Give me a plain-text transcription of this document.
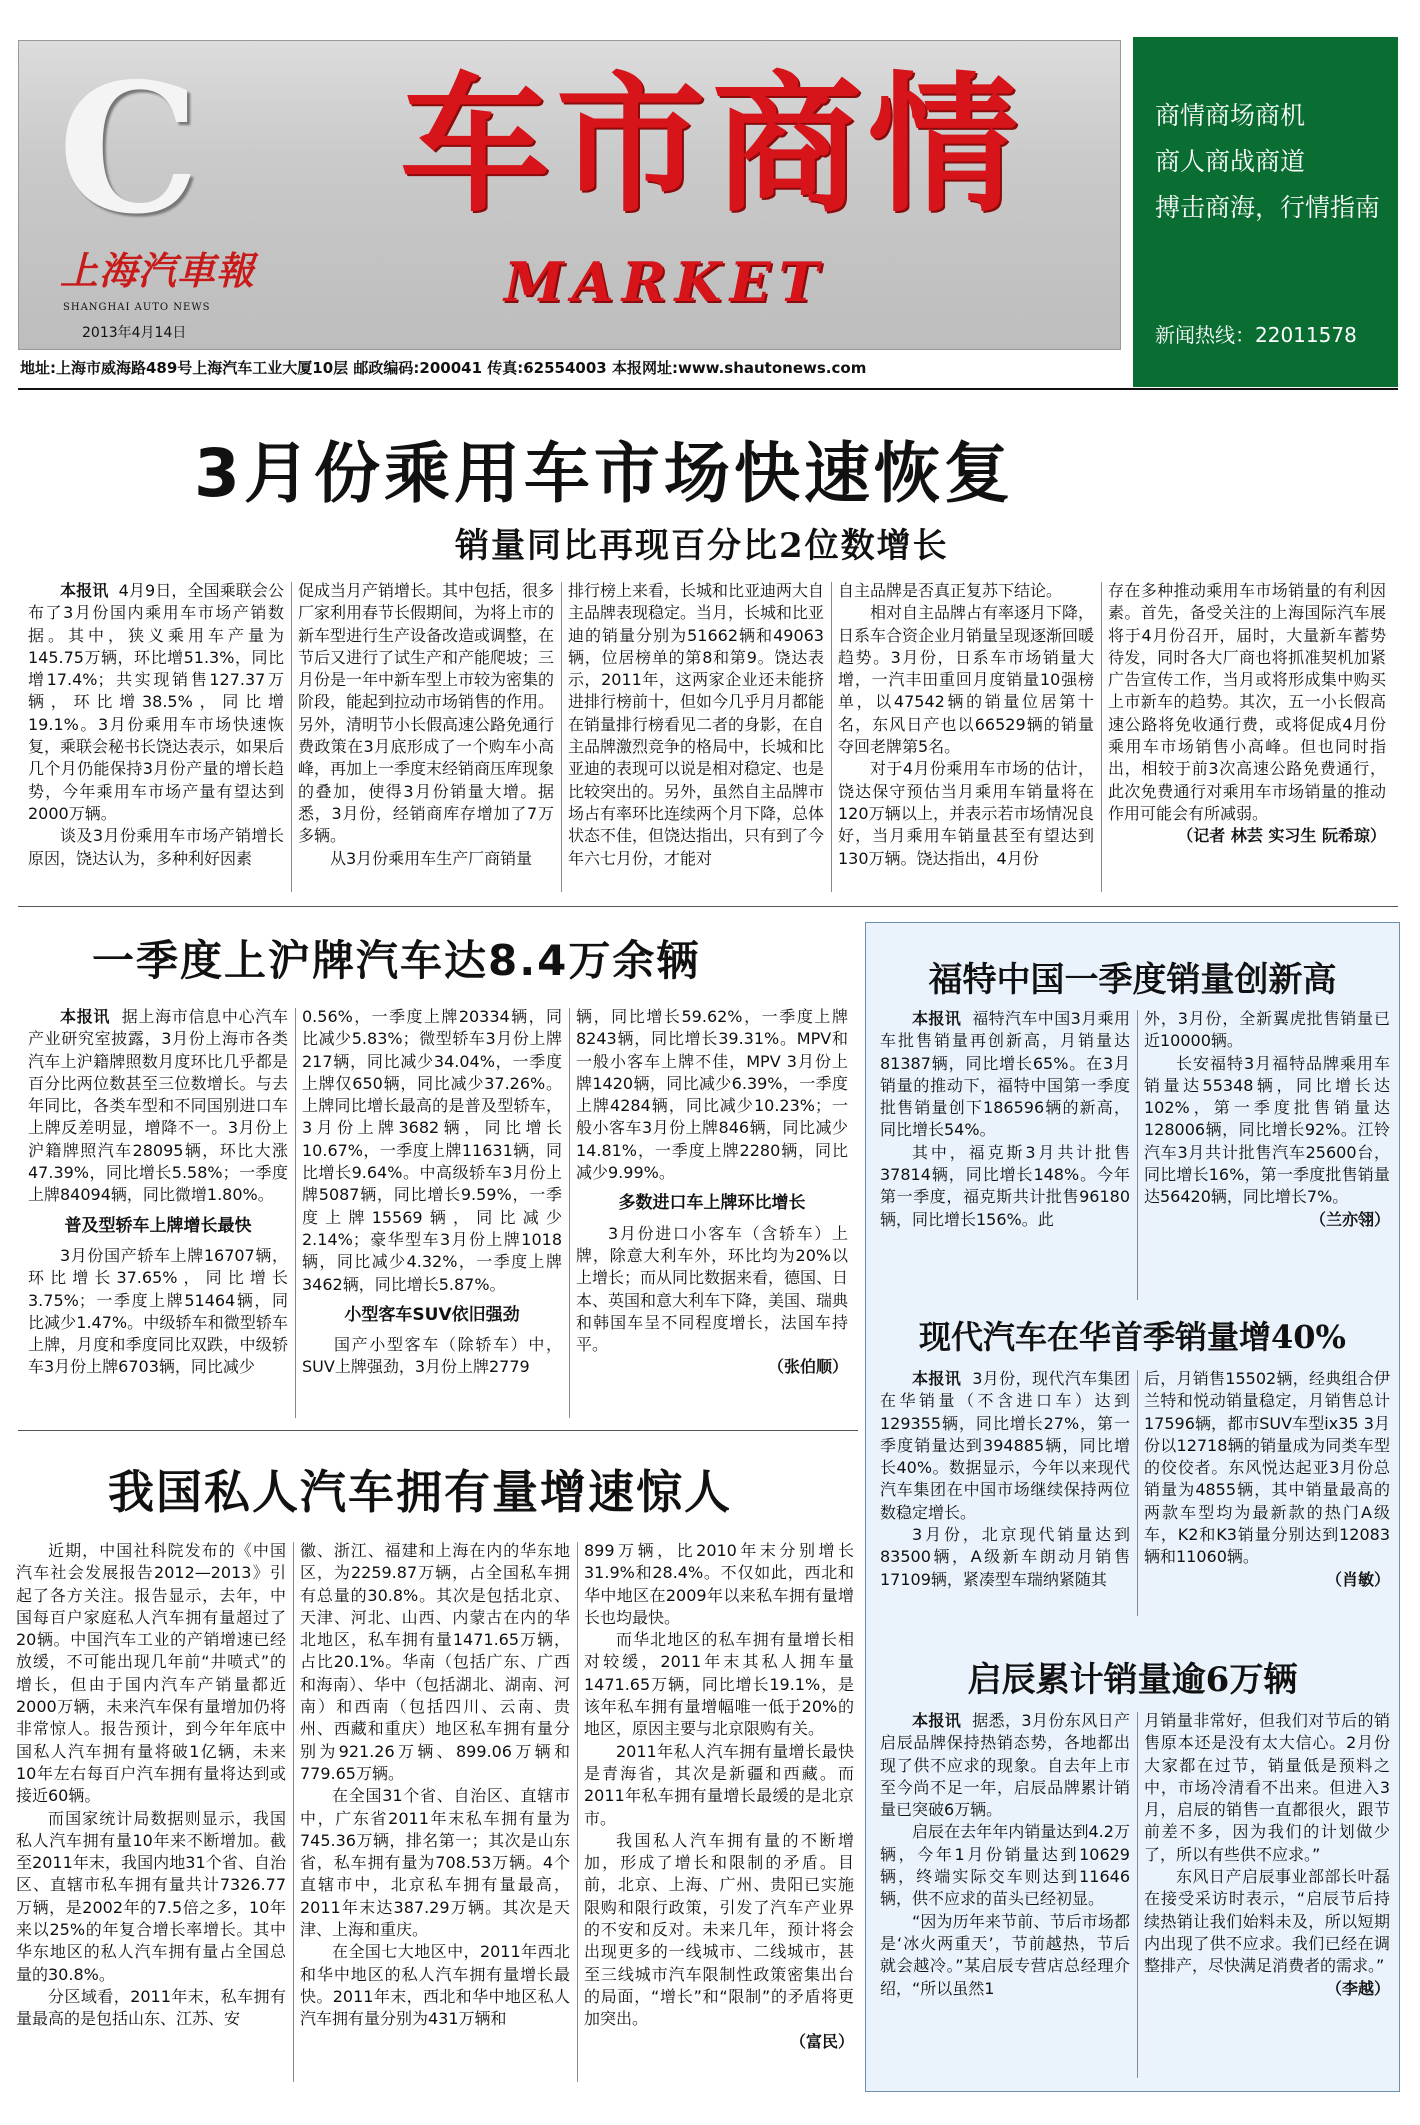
C
上海汽車報
SHANGHAI AUTO NEWS
2013年4月14日
车市商情
MARKET
地址:上海市威海路489号上海汽车工业大厦10层 邮政编码:200041 传真:62554003 本报网址:www.shautonews.com
商情商场商机
商人商战商道
搏击商海，行情指南
新闻热线：22011578
3月份乘用车市场快速恢复
销量同比再现百分比2位数增长

本报讯 4月9日，全国乘联会公布了3月份国内乘用车市场产销数据。其中，狭义乘用车产量为145.75万辆，环比增51.3%，同比增17.4%；共实现销售127.37万辆，环比增38.5%，同比增19.1%。3月份乘用车市场快速恢复，乘联会秘书长饶达表示，如果后几个月仍能保持3月份产量的增长趋势，今年乘用车市场产量有望达到2000万辆。

谈及3月份乘用车市场产销增长原因，饶达认为，多种利好因素

促成当月产销增长。其中包括，很多厂家利用春节长假期间，为将上市的新车型进行生产设备改造或调整，在节后又进行了试生产和产能爬坡；三月份是一年中新车型上市较为密集的阶段，能起到拉动市场销售的作用。另外，清明节小长假高速公路免通行费政策在3月底形成了一个购车小高峰，再加上一季度末经销商压库现象的叠加，使得3月份销量大增。据悉，3月份，经销商库存增加了7万多辆。

从3月份乘用车生产厂商销量

排行榜上来看，长城和比亚迪两大自主品牌表现稳定。当月，长城和比亚迪的销量分别为51662辆和49063辆，位居榜单的第8和第9。饶达表示，2011年，这两家企业还未能挤进排行榜前十，但如今几乎月月都能在销量排行榜看见二者的身影，在自主品牌激烈竞争的格局中，长城和比亚迪的表现可以说是相对稳定、也是比较突出的。另外，虽然自主品牌市场占有率环比连续两个月下降，总体状态不佳，但饶达指出，只有到了今年六七月份，才能对

自主品牌是否真正复苏下结论。

相对自主品牌占有率逐月下降，日系车合资企业月销量呈现逐渐回暖趋势。3月份，日系车市场销量大增，一汽丰田重回月度销量10强榜单，以47542辆的销量位居第十名，东风日产也以66529辆的销量夺回老牌第5名。

对于4月份乘用车市场的估计，饶达保守预估当月乘用车销量将在120万辆以上，并表示若市场情况良好，当月乘用车销量甚至有望达到130万辆。饶达指出，4月份

存在多种推动乘用车市场销量的有利因素。首先，备受关注的上海国际汽车展将于4月份召开，届时，大量新车蓄势待发，同时各大厂商也将抓准契机加紧广告宣传工作，当月或将形成集中购买上市新车的趋势。其次，五一小长假高速公路将免收通行费，或将促成4月份乘用车市场销售小高峰。但也同时指出，相较于前3次高速公路免费通行，此次免费通行对乘用车市场销量的推动作用可能会有所减弱。

（记者 林芸 实习生 阮希琼）

一季度上沪牌汽车达8.4万余辆

本报讯 据上海市信息中心汽车产业研究室披露，3月份上海市各类汽车上沪籍牌照数月度环比几乎都是百分比两位数甚至三位数增长。与去年同比，各类车型和不同国别进口车上牌反差明显，增降不一。3月份上沪籍牌照汽车28095辆，环比大涨47.39%，同比增长5.58%；一季度上牌84094辆，同比微增1.80%。

普及型轿车上牌增长最快

3月份国产轿车上牌16707辆，环比增长37.65%，同比增长3.75%；一季度上牌51464辆，同比减少1.47%。中级轿车和微型轿车上牌，月度和季度同比双跌，中级轿车3月份上牌6703辆，同比减少

0.56%，一季度上牌20334辆，同比减少5.83%；微型轿车3月份上牌217辆，同比减少34.04%，一季度上牌仅650辆，同比减少37.26%。上牌同比增长最高的是普及型轿车，3月份上牌3682辆，同比增长10.67%，一季度上牌11631辆，同比增长9.64%。中高级轿车3月份上牌5087辆，同比增长9.59%，一季度上牌15569辆，同比减少2.14%；豪华型车3月份上牌1018辆，同比减少4.32%，一季度上牌3462辆，同比增长5.87%。

小型客车SUV依旧强劲

国产小型客车（除轿车）中，SUV上牌强劲，3月份上牌2779

辆，同比增长59.62%，一季度上牌8243辆，同比增长39.31%。MPV和一般小客车上牌不佳，MPV 3月份上牌1420辆，同比减少6.39%，一季度上牌4284辆，同比减少10.23%；一般小客车3月份上牌846辆，同比减少14.81%，一季度上牌2280辆，同比减少9.99%。

多数进口车上牌环比增长

3月份进口小客车（含轿车）上牌，除意大利车外，环比均为20%以上增长；而从同比数据来看，德国、日本、英国和意大利车下降，美国、瑞典和韩国车呈不同程度增长，法国车持平。

（张伯顺）

我国私人汽车拥有量增速惊人

近期，中国社科院发布的《中国汽车社会发展报告2012—2013》引起了各方关注。报告显示，去年，中国每百户家庭私人汽车拥有量超过了20辆。中国汽车工业的产销增速已经放缓，不可能出现几年前“井喷式”的增长，但由于国内汽车产销量都近2000万辆，未来汽车保有量增加仍将非常惊人。报告预计，到今年年底中国私人汽车拥有量将破1亿辆，未来10年左右每百户汽车拥有量将达到或接近60辆。

而国家统计局数据则显示，我国私人汽车拥有量10年来不断增加。截至2011年末，我国内地31个省、自治区、直辖市私车拥有量共计7326.77万辆，是2002年的7.5倍之多，10年来以25%的年复合增长率增长。其中华东地区的私人汽车拥有量占全国总量的30.8%。

分区域看，2011年末，私车拥有量最高的是包括山东、江苏、安

徽、浙江、福建和上海在内的华东地区，为2259.87万辆，占全国私车拥有总量的30.8%。其次是包括北京、天津、河北、山西、内蒙古在内的华北地区，私车拥有量1471.65万辆，占比20.1%。华南（包括广东、广西和海南）、华中（包括湖北、湖南、河南）和西南（包括四川、云南、贵州、西藏和重庆）地区私车拥有量分别为921.26万辆、899.06万辆和779.65万辆。

在全国31个省、自治区、直辖市中，广东省2011年末私车拥有量为745.36万辆，排名第一；其次是山东省，私车拥有量为708.53万辆。4个直辖市中，北京私车拥有量最高，2011年末达387.29万辆。其次是天津、上海和重庆。

在全国七大地区中，2011年西北和华中地区的私人汽车拥有量增长最快。2011年末，西北和华中地区私人汽车拥有量分别为431万辆和

899万辆，比2010年末分别增长31.9%和28.4%。不仅如此，西北和华中地区在2009年以来私车拥有量增长也均最快。

而华北地区的私车拥有量增长相对较缓，2011年末其私人拥车量1471.65万辆，同比增长19.1%，是该年私车拥有量增幅唯一低于20%的地区，原因主要与北京限购有关。

2011年私人汽车拥有量增长最快是青海省，其次是新疆和西藏。而2011年私车拥有量增长最缓的是北京市。

我国私人汽车拥有量的不断增加，形成了增长和限制的矛盾。目前，北京、上海、广州、贵阳已实施限购和限行政策，引发了汽车产业界的不安和反对。未来几年，预计将会出现更多的一线城市、二线城市，甚至三线城市汽车限制性政策密集出台的局面，“增长”和“限制”的矛盾将更加突出。

（富民）

福特中国一季度销量创新高

本报讯 福特汽车中国3月乘用车批售销量再创新高，月销量达81387辆，同比增长65%。在3月销量的推动下，福特中国第一季度批售销量创下186596辆的新高，同比增长54%。

其中，福克斯3月共计批售37814辆，同比增长148%。今年第一季度，福克斯共计批售96180辆，同比增长156%。此

外，3月份，全新翼虎批售销量已近10000辆。

长安福特3月福特品牌乘用车销量达55348辆，同比增长达102%，第一季度批售销量达128006辆，同比增长92%。江铃汽车3月共计批售汽车25600台，同比增长16%，第一季度批售销量达56420辆，同比增长7%。

（兰亦翎）

现代汽车在华首季销量增40%

本报讯 3月份，现代汽车集团在华销量（不含进口车）达到129355辆，同比增长27%，第一季度销量达到394885辆，同比增长40%。数据显示，今年以来现代汽车集团在中国市场继续保持两位数稳定增长。

3月份，北京现代销量达到83500辆，A级新车朗动月销售17109辆，紧凑型车瑞纳紧随其

后，月销售15502辆，经典组合伊兰特和悦动销量稳定，月销售总计17596辆，都市SUV车型ix35 3月份以12718辆的销量成为同类车型的佼佼者。东风悦达起亚3月份总销量为4855辆，其中销量最高的两款车型均为最新款的热门A级车，K2和K3销量分别达到12083辆和11060辆。

（肖敏）

启辰累计销量逾6万辆

本报讯 据悉，3月份东风日产启辰品牌保持热销态势，各地都出现了供不应求的现象。自去年上市至今尚不足一年，启辰品牌累计销量已突破6万辆。

启辰在去年年内销量达到4.2万辆，今年1月份销量达到10629辆，终端实际交车则达到11646辆，供不应求的苗头已经初显。

“因为历年来节前、节后市场都是‘冰火两重天’，节前越热，节后就会越冷。”某启辰专营店总经理介绍，“所以虽然1

月销量非常好，但我们对节后的销售原本还是没有太大信心。2月份大家都在过节，销量低是预料之中，市场冷清看不出来。但进入3月，启辰的销售一直都很火，跟节前差不多，因为我们的计划做少了，所以有些供不应求。”

东风日产启辰事业部部长叶磊在接受采访时表示，“启辰节后持续热销让我们始料未及，所以短期内出现了供不应求。我们已经在调整排产，尽快满足消费者的需求。”

（李越）
